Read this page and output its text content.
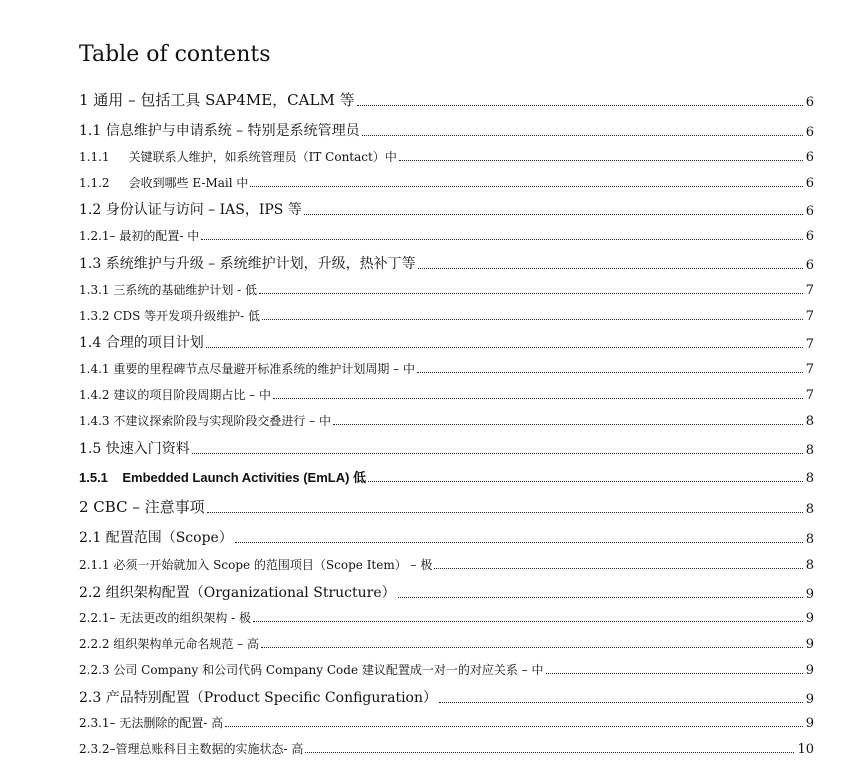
Table of contents
1 通用 – 包括工具 SAP4ME，CALM 等	6
1.1 信息维护与申请系统 – 特别是系统管理员	6
1.1.1     关键联系人维护，如系统管理员（IT Contact）中	6
1.1.2     会收到哪些 E-Mail 中	6
1.2 身份认证与访问 – IAS，IPS 等	6
1.2.1– 最初的配置- 中	6
1.3 系统维护与升级 – 系统维护计划，升级，热补丁等	6
1.3.1 三系统的基础维护计划 - 低	7
1.3.2 CDS 等开发项升级维护- 低	7
1.4 合理的项目计划	7
1.4.1 重要的里程碑节点尽量避开标准系统的维护计划周期 – 中	7
1.4.2 建议的项目阶段周期占比 – 中	7
1.4.3 不建议探索阶段与实现阶段交叠进行 – 中	8
1.5 快速入门资料	8
1.5.1    Embedded Launch Activities (EmLA) 低	8
2 CBC – 注意事项	8
2.1 配置范围（Scope）	8
2.1.1 必须一开始就加入 Scope 的范围项目（Scope Item） – 极	8
2.2 组织架构配置（Organizational Structure）	9
2.2.1– 无法更改的组织架构 - 极	9
2.2.2 组织架构单元命名规范 – 高	9
2.2.3 公司 Company 和公司代码 Company Code 建议配置成一对一的对应关系 – 中	9
2.3 产品特别配置（Product Specific Configuration）	9
2.3.1– 无法删除的配置- 高	9
2.3.2–管理总账科目主数据的实施状态- 高	10
